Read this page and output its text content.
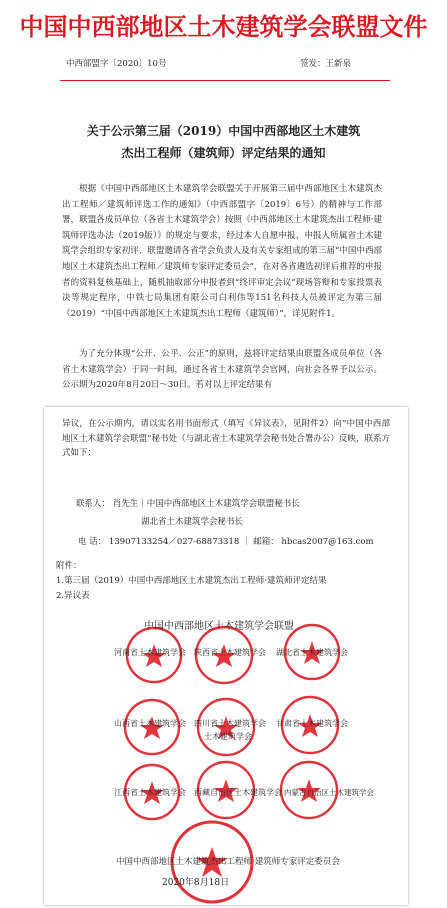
中国中西部地区土木建筑学会联盟文件
中西部盟字〔2020〕10号	签发：王新泉
关于公示第三届（2019）中国中西部地区土木建筑
杰出工程师（建筑师）评定结果的通知

根据《中国中西部地区土木建筑学会联盟关于开展第三届中西部地区土木建筑杰出工程师／建筑师评选工作的通知》（中西部盟字〔2019〕6号）的精神与工作部署，联盟各成员单位（各省土木建筑学会）按照《中西部地区土木建筑杰出工程师·建筑师评选办法（2019版）》的规定与要求，经过本人自愿申报、申报人所属省土木建筑学会组织专家初评、联盟邀请各省学会负责人及有关专家组成的第三届“中国中西部地区土木建筑杰出工程师／建筑师专家评定委员会”，在对各省遴选初评后推荐的申报者的资料复核基础上，随机抽取部分申报者到“终评审定会议”现场答辩和专家投票表决等规定程序，中铁七局集团有限公司白利伟等151名科技人员被评定为第三届（2019）“中国中西部地区土木建筑杰出工程师（建筑师）”，详见附件1。

为了充分体现“公开、公平、公正”的原则，兹将评定结果由联盟各成员单位（各省土木建筑学会）于同一时间，通过各省土木建筑学会官网，向社会各界予以公示。公示期为2020年8月20日～30日。若对以上评定结果有

异议，在公示期内，请以实名用书面形式（填写《异议表》，见附件2）向“中国中西部地区土木建筑学会联盟”秘书处（与湖北省土木建筑学会秘书处合署办公）反映，联系方式如下：

联系人： 肖先生｜中国中西部地区土木建筑学会联盟秘书长
湖北省土木建筑学会秘书长
电 话： 13907133254／027-68873318 ｜ 邮箱： hbcas2007@163.com
附件：
1.第三届（2019）中国中西部地区土木建筑杰出工程师·建筑师评定结果
2.异议表
中国中西部地区土木建筑学会联盟
河南省土木建筑学会 陕西省土木建筑学会 湖北省土木建筑学会
山西省土木建筑学会 四川省土木建筑学会 甘肃省土木建筑学会
土木建筑学会
江西省土木建筑学会 西藏自治区土木建筑学会 内蒙古自治区土木建筑学会
中国中西部地区土木建筑杰出工程师·建筑师专家评定委员会
2020年8月18日
